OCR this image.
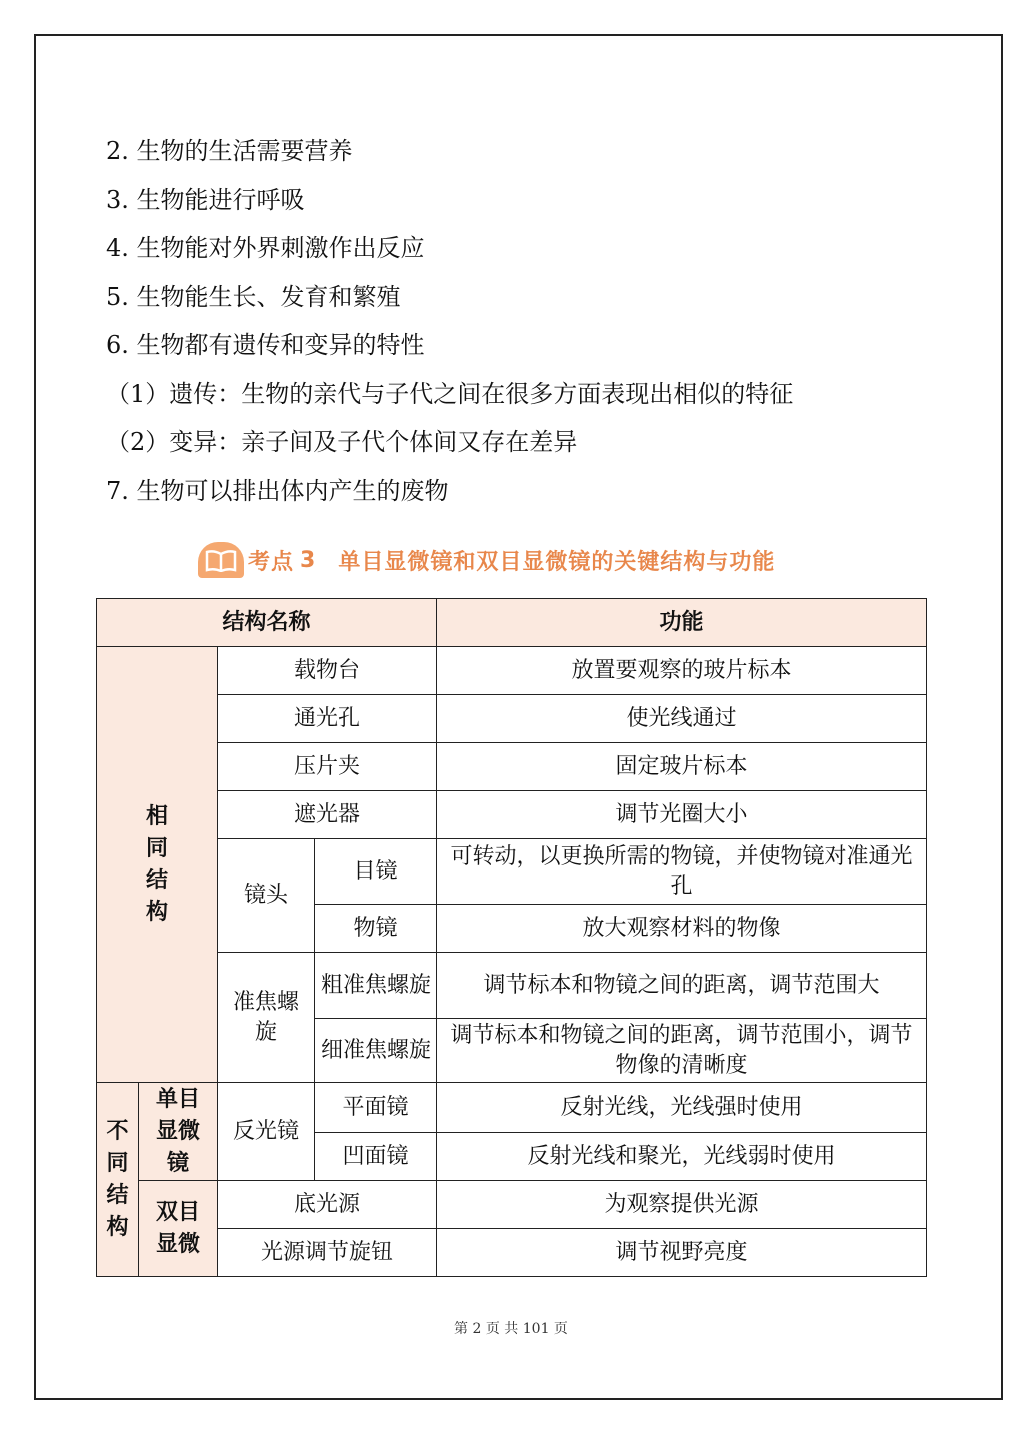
2. 生物的生活需要营养
3. 生物能进行呼吸
4. 生物能对外界刺激作出反应
5. 生物能生长、发育和繁殖
6. 生物都有遗传和变异的特性
（1）遗传：生物的亲代与子代之间在很多方面表现出相似的特征
（2）变异：亲子间及子代个体间又存在差异
7. 生物可以排出体内产生的废物
考点 3 单目显微镜和双目显微镜的关键结构与功能
结构名称				功能

相同结构		载物台		放置要观察的玻片标本
		通光孔		使光线通过
		压片夹		固定玻片标本
		遮光器		调节光圈大小
		镜头	目镜	可转动，以更换所需的物镜，并使物镜对准通光孔

			物镜	放大观察材料的物像

		准焦螺旋	粗准焦螺旋	调节标本和物镜之间的距离，调节范围大

			细准焦螺旋	调节标本和物镜之间的距离，调节范围小，调节物像的清晰度

不同结构	单目显微镜	反光镜	平面镜	反射光线，光线强时使用
			凹面镜	反射光线和聚光，光线弱时使用

	双目显微	底光源		为观察提供光源
		光源调节旋钮		调节视野亮度
第 2 页 共 101 页
